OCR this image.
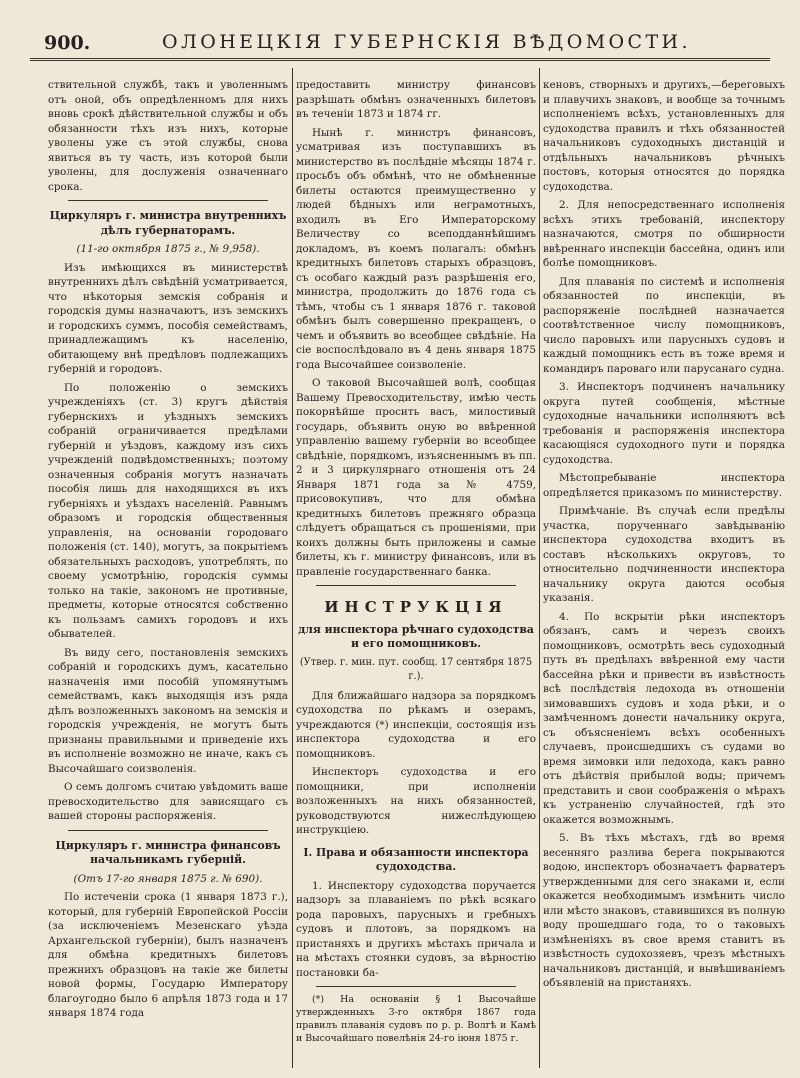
900.	ОЛОНЕЦКІЯ ГУБЕРНСКІЯ ВѢДОМОСТИ.

ствительной службѣ, такъ и уволеннымъ отъ оной, объ опредѣленномъ для нихъ вновь срокѣ дѣйствительной службы и объ обязанности тѣхъ изъ нихъ, которые уволены уже съ этой службы, снова явиться въ ту часть, изъ которой были уволены, для дослуженія означеннаго срока.

Циркуляръ г. министра внутреннихъ дѣлъ губернаторамъ.

(11-го октября 1875 г., № 9,958).

Изъ имѣющихся въ министерствѣ внутреннихъ дѣлъ свѣдѣній усматривается, что нѣкоторыя земскія собранія и городскія думы назначаютъ, изъ земскихъ и городскихъ суммъ, пособія семействамъ, принадлежащимъ къ населенію, обитающему внѣ предѣловъ подлежащихъ губерній и городовъ.

По положенію о земскихъ учрежденіяхъ (ст. 3) кругъ дѣйствія губернскихъ и уѣздныхъ земскихъ собраній ограничивается предѣлами губерній и уѣздовъ, каждому изъ сихъ учрежденій подвѣдомственныхъ; поэтому означенныя собранія могутъ назначать пособія лишь для находящихся въ ихъ губерніяхъ и уѣздахъ населеній. Равнымъ образомъ и городскія общественныя управленія, на основаніи городоваго положенія (ст. 140), могутъ, за покрытіемъ обязательныхъ расходовъ, употреблять, по своему усмотрѣнію, городскія суммы только на такіе, закономъ не противные, предметы, которые относятся собственно къ пользамъ самихъ городовъ и ихъ обывателей.

Въ виду сего, постановленія земскихъ собраній и городскихъ думъ, касательно назначенія ими пособій упомянутымъ семействамъ, какъ выходящія изъ ряда дѣлъ возложенныхъ закономъ на земскія и городскія учрежденія, не могутъ быть признаны правильными и приведеніе ихъ въ исполненіе возможно не иначе, какъ съ Высочайшаго соизволенія.

О семъ долгомъ считаю увѣдомить ваше превосходительство для зависящаго съ вашей стороны распоряженія.

Циркуляръ г. министра финансовъ начальникамъ губерній.

(Отъ 17-го января 1875 г. № 690).

По истеченіи срока (1 января 1873 г.), который, для губерній Европейской Россіи (за исключеніемъ Мезенскаго уѣзда Архангельской губерніи), былъ назначенъ для обмѣна кредитныхъ билетовъ прежнихъ образцовъ на такіе же билеты новой формы, Государю Императору благоугодно было 6 апрѣля 1873 года и 17 января 1874 года

предоставить министру финансовъ разрѣшать обмѣнъ означенныхъ билетовъ въ теченіи 1873 и 1874 гг.

Нынѣ г. министръ финансовъ, усматривая изъ поступавшихъ въ министерство въ послѣдніе мѣсяцы 1874 г. просьбъ объ обмѣнѣ, что не обмѣненные билеты остаются преимущественно у людей бѣдныхъ или неграмотныхъ, входилъ въ Его Императорскому Величеству со всеподданнѣйшимъ докладомъ, въ коемъ полагалъ: обмѣнъ кредитныхъ билетовъ старыхъ образцовъ, съ особаго каждый разъ разрѣшенія его, министра, продолжить до 1876 года съ тѣмъ, чтобы съ 1 января 1876 г. таковой обмѣнъ былъ совершенно прекращенъ, о чемъ и объявить во всеобщее свѣдѣніе. На сіе воспослѣдовало въ 4 день января 1875 года Высочайшее соизволеніе.

О таковой Высочайшей волѣ, сообщая Вашему Превосходительству, имѣю честь покорнѣйше просить васъ, милостивый государь, объявить оную во ввѣренной управленію вашему губерніи во всеобщее свѣдѣніе, порядкомъ, изъясненнымъ въ пп. 2 и 3 циркулярнаго отношенія отъ 24 Января 1871 года за № 4759, присовокупивъ, что для обмѣна кредитныхъ билетовъ прежняго образца слѣдуетъ обращаться съ прошеніями, при коихъ должны быть приложены и самые билеты, къ г. министру финансовъ, или въ правленіе государственнаго банка.

ИНСТРУКЦІЯ

для инспектора рѣчнаго судоходства и его помощниковъ.

(Утвер. г. мин. пут. сообщ. 17 сентября 1875 г.).

Для ближайшаго надзора за порядкомъ судоходства по рѣкамъ и озерамъ, учреждаются (*) инспекціи, состоящія изъ инспектора судоходства и его помощниковъ.

Инспекторъ судоходства и его помощники, при исполненіи возложенныхъ на нихъ обязанностей, руководствуются нижеслѣдующею инструкціею.

I. Права и обязанности инспектора судоходства.

1. Инспектору судоходства поручается надзоръ за плаваніемъ по рѣкѣ всякаго рода паровыхъ, парусныхъ и гребныхъ судовъ и плотовъ, за порядкомъ на пристаняхъ и другихъ мѣстахъ причала и на мѣстахъ стоянки судовъ, за вѣрностію постановки ба-

(*) На основаніи § 1 Высочайше утвержденныхъ 3-го октября 1867 года правилъ плаванія судовъ по р. р. Волгѣ и Камѣ и Высочайшаго повелѣнія 24-го іюня 1875 г.

кеновъ, створныхъ и другихъ,—береговыхъ и плавучихъ знаковъ, и вообще за точнымъ исполненіемъ всѣхъ, установленныхъ для судоходства правилъ и тѣхъ обязанностей начальниковъ судоходныхъ дистанцій и отдѣльныхъ начальниковъ рѣчныхъ постовъ, которыя относятся до порядка судоходства.

2. Для непосредственнаго исполненія всѣхъ этихъ требованій, инспектору назначаются, смотря по обширности ввѣреннаго инспекціи бассейна, одинъ или болѣе помощниковъ.

Для плаванія по системѣ и исполненія обязанностей по инспекціи, въ распоряженіе послѣдней назначается соотвѣтственное числу помощниковъ, число паровыхъ или парусныхъ судовъ и каждый помощникъ есть въ тоже время и командиръ пароваго или парусанаго судна.

3. Инспекторъ подчиненъ начальнику округа путей сообщенія, мѣстные судоходные начальники исполняютъ всѣ требованія и распоряженія инспектора касающіяся судоходного пути и порядка судоходства.

Мѣстопребываніе инспектора опредѣляется приказомъ по министерству.

Примѣчаніе. Въ случаѣ если предѣлы участка, порученнаго завѣдыванію инспектора судоходства входитъ въ составъ нѣсколькихъ округовъ, то относительно подчиненности инспектора начальнику округа даются особыя указанія.

4. По вскрытіи рѣки инспекторъ обязанъ, самъ и черезъ своихъ помощниковъ, осмотрѣть весь судоходный путь въ предѣлахъ ввѣренной ему части бассейна рѣки и привести въ извѣстность всѣ послѣдствія ледохода въ отношеніи зимовавшихъ судовъ и хода рѣки, и о замѣченномъ донести начальнику округа, съ объясненіемъ всѣхъ особенныхъ случаевъ, происшедшихъ съ судами во время зимовки или ледохода, какъ равно отъ дѣйствія прибылой воды; причемъ представить и свои соображенія о мѣрахъ къ устраненію случайностей, гдѣ это окажется возможнымъ.

5. Въ тѣхъ мѣстахъ, гдѣ во время весенняго разлива берега покрываются водою, инспекторъ обозначаетъ фарватеръ утвержденными для сего знаками и, если окажется необходимымъ измѣнить число или мѣсто знаковъ, ставившихся въ полную воду прошедшаго года, то о таковыхъ измѣненіяхъ въ свое время ставитъ въ извѣстность судохозяевъ, чрезъ мѣстныхъ начальниковъ дистанцій, и вывѣшиваніемъ объявленій на пристаняхъ.
